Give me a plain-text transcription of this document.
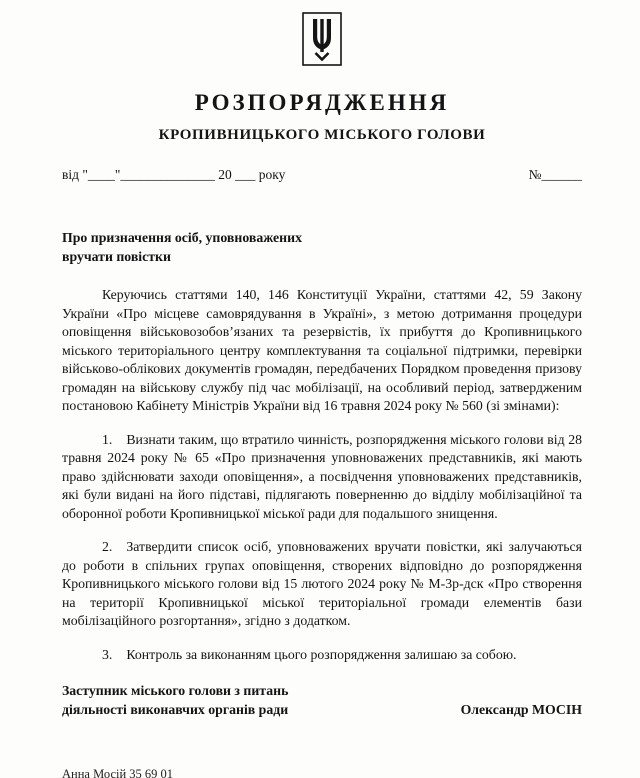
РОЗПОРЯДЖЕННЯ
КРОПИВНИЦЬКОГО МІСЬКОГО ГОЛОВИ
від "____"______________ 20 ___ року	№______
Про призначення осіб, уповноважених
вручати повістки

Керуючись статтями 140, 146 Конституції України, статтями 42, 59 Закону України «Про місцеве самоврядування в Україні», з метою дотримання процедури оповіщення військовозобов’язаних та резервістів, їх прибуття до Кропивницького міського територіального центру комплектування та соціальної підтримки, перевірки військово-облікових документів громадян, передбачених Порядком проведення призову громадян на військову службу під час мобілізації, на особливий період, затвердженим постановою Кабінету Міністрів України від 16 травня 2024 року № 560 (зі змінами):

1. Визнати таким, що втратило чинність, розпорядження міського голови від 28 травня 2024 року № 65 «Про призначення уповноважених представників, які мають право здійснювати заходи оповіщення», а посвідчення уповноважених представників, які були видані на його підставі, підлягають поверненню до відділу мобілізаційної та оборонної роботи Кропивницької міської ради для подальшого знищення.

2. Затвердити список осіб, уповноважених вручати повістки, які залучаються до роботи в спільних групах оповіщення, створених відповідно до розпорядження Кропивницького міського голови від 15 лютого 2024 року № М-3р-дск «Про створення на території Кропивницької міської територіальної громади елементів бази мобілізаційного розгортання», згідно з додатком.

3. Контроль за виконанням цього розпорядження залишаю за собою.

Заступник міського голови з питань
діяльності виконавчих органів ради	Олександр МОСІН
Анна Мосій 35 69 01
